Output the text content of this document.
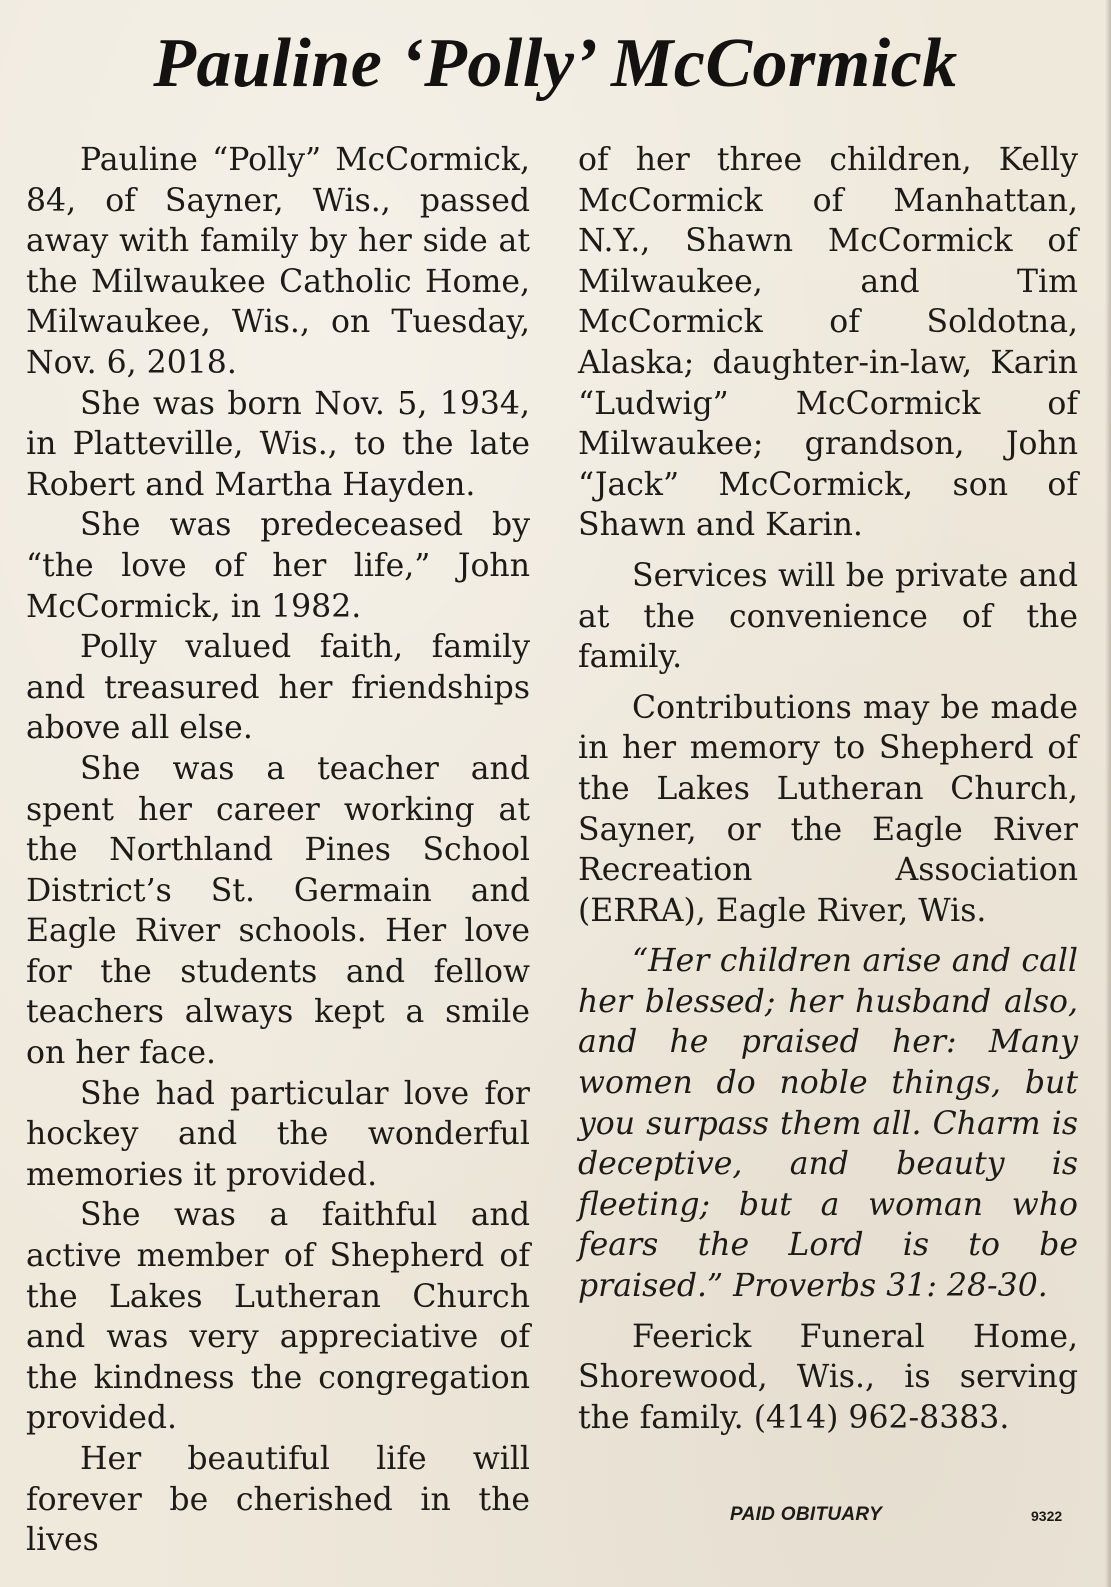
Pauline ‘Polly’ McCormick

Pauline “Polly” McCormick, 84, of Sayner, Wis., passed away with family by her side at the Milwaukee Catholic Home, Milwaukee, Wis., on Tuesday, Nov. 6, 2018.

She was born Nov. 5, 1934, in Platteville, Wis., to the late Robert and Martha Hayden.

She was predeceased by “the love of her life,” John McCormick, in 1982.

Polly valued faith, family and treasured her friendships above all else.

She was a teacher and spent her career working at the Northland Pines School District’s St. Germain and Eagle River schools. Her love for the students and fellow teachers always kept a smile on her face.

She had particular love for hockey and the wonderful memories it provided.

She was a faithful and active member of Shepherd of the Lakes Lutheran Church and was very appreciative of the kindness the congregation provided.

Her beautiful life will forever be cherished in the lives

of her three children, Kelly McCormick of Manhattan, N.Y., Shawn McCormick of Milwaukee, and Tim McCormick of Soldotna, Alaska; daughter-in-law, Karin “Ludwig” McCormick of Milwaukee; grandson, John “Jack” McCormick, son of Shawn and Karin.

Services will be private and at the convenience of the family.

Contributions may be made in her memory to Shepherd of the Lakes Lutheran Church, Sayner, or the Eagle River Recreation Association (ERRA), Eagle River, Wis.

“Her children arise and call her blessed; her husband also, and he praised her: Many women do noble things, but you surpass them all. Charm is deceptive, and beauty is fleeting; but a woman who fears the Lord is to be praised.” Proverbs 31: 28-30.

Feerick Funeral Home, Shorewood, Wis., is serving the family. (414) 962-8383.

PAID OBITUARY	9322
